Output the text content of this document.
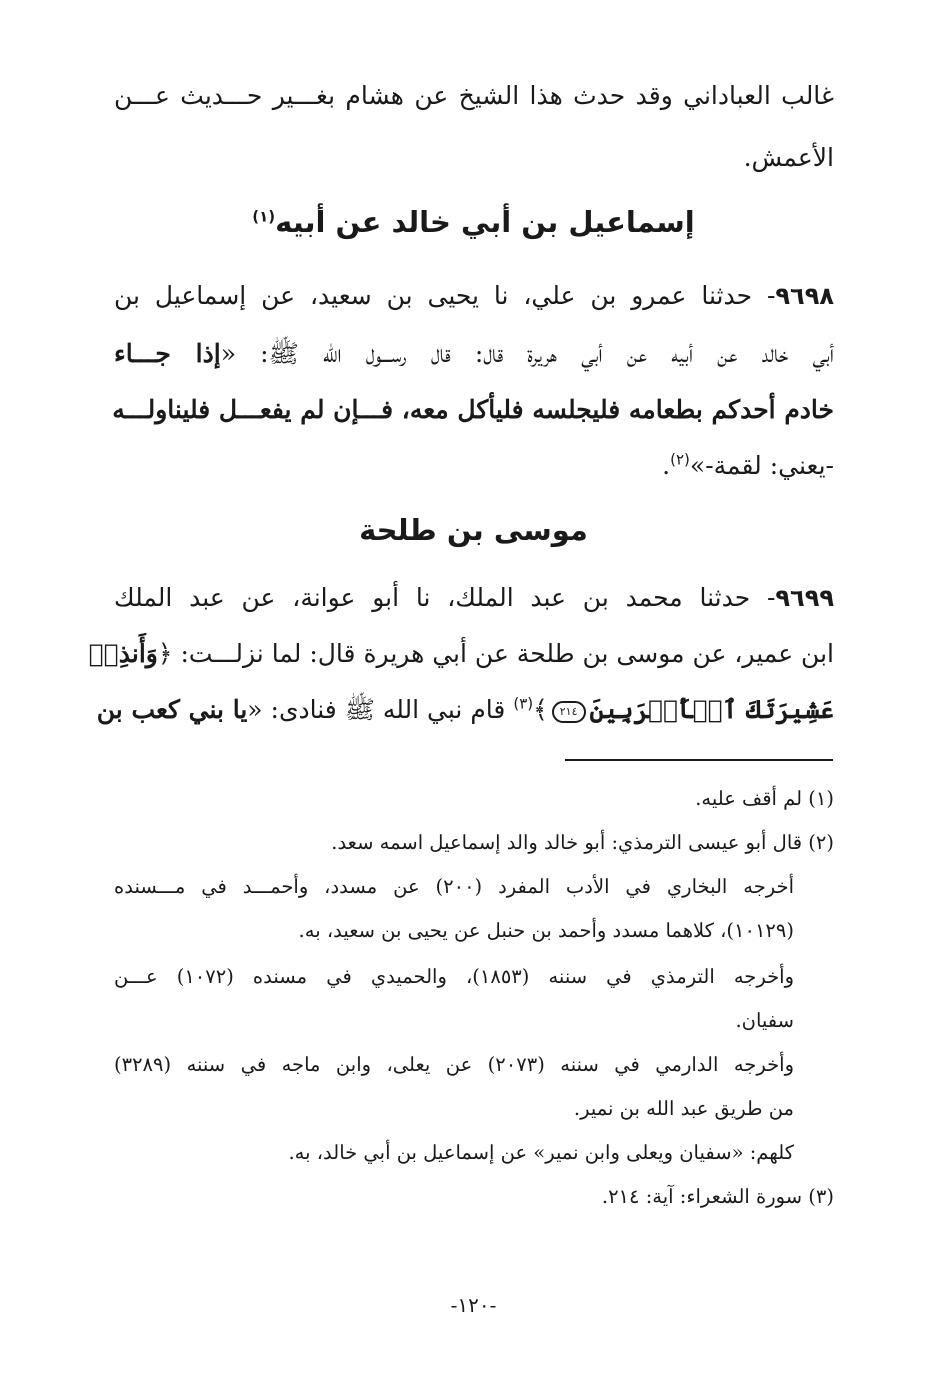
غالب العباداني وقد حدث هذا الشيخ عن هشام بغـــير حـــديث عـــن
الأعمش.
إسماعيل بن أبي خالد عن أبيه$^{(١)}$
٩٦٩٨- حدثنا عمرو بن علي، نا يحيى بن سعيد، عن إسماعيل بن
أبي خالد عن أبيه عن أبي هريرة قال: قال رســـول الله ﷺ: «إذا جـــاء
خادم أحدكم بطعامه فليجلسه فليأكل معه، فـــإن لم يفعـــل فليناولـــه
-يعني: لقمة-»$^{(٢)}$.
موسى بن طلحة
٩٦٩٩- حدثنا محمد بن عبد الملك، نا أبو عوانة، عن عبد الملك
ابن عمير، عن موسى بن طلحة عن أبي هريرة قال: لما نزلـــت: ﴿وَأَنذِرۡ
عَشِيرَتَكَ ٱلۡأَقۡرَبِينَ٢١٤﴾$^{(٣)}$ قام نبي الله ﷺ فنادى: «يا بني كعب بن
(١) لم أقف عليه.
(٢) قال أبو عيسى الترمذي: أبو خالد والد إسماعيل اسمه سعد.
أخرجه البخاري في الأدب المفرد (٢٠٠) عن مسدد، وأحمـــد في مـــسنده
(١٠١٢٩)، كلاهما مسدد وأحمد بن حنبل عن يحيى بن سعيد، به.
وأخرجه الترمذي في سننه (١٨٥٣)، والحميدي في مسنده (١٠٧٢) عـــن
سفيان.
وأخرجه الدارمي في سننه (٢٠٧٣) عن يعلى، وابن ماجه في سننه (٣٢٨٩)
من طريق عبد الله بن نمير.
كلهم: «سفيان ويعلى وابن نمير» عن إسماعيل بن أبي خالد، به.
(٣) سورة الشعراء: آية: ٢١٤.
-١٢٠-
